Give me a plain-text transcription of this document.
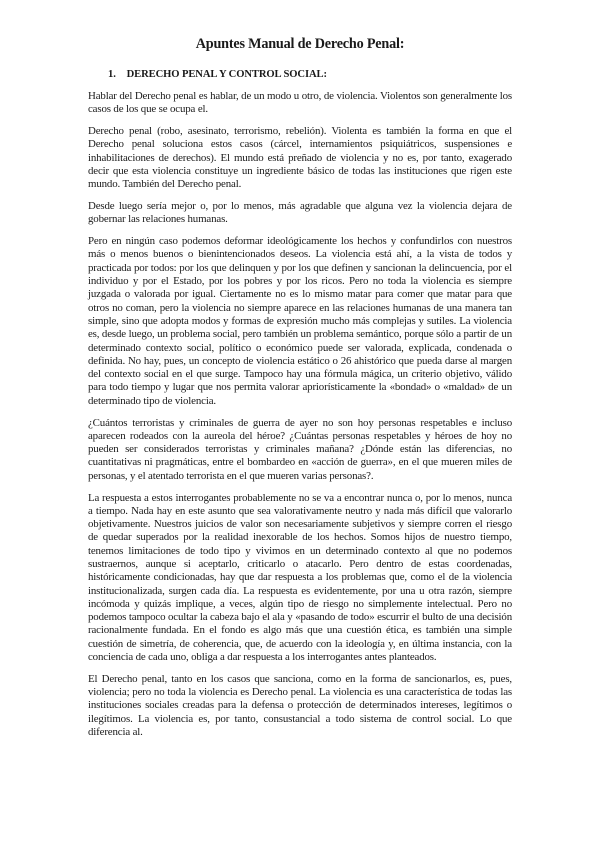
Apuntes Manual de Derecho Penal:
1. DERECHO PENAL Y CONTROL SOCIAL:

Hablar del Derecho penal es hablar, de un modo u otro, de violencia. Violentos son generalmente los casos de los que se ocupa el.

Derecho penal (robo, asesinato, terrorismo, rebelión). Violenta es también la forma en que el Derecho penal soluciona estos casos (cárcel, internamientos psiquiátricos, suspensiones e inhabilitaciones de derechos). El mundo está preñado de violencia y no es, por tanto, exagerado decir que esta violencia constituye un ingrediente básico de todas las instituciones que rigen este mundo. También del Derecho penal.

Desde luego sería mejor o, por lo menos, más agradable que alguna vez la violencia dejara de gobernar las relaciones humanas.

Pero en ningún caso podemos deformar ideológicamente los hechos y confundirlos con nuestros más o menos buenos o bienintencionados deseos. La violencia está ahí, a la vista de todos y practicada por todos: por los que delinquen y por los que definen y sancionan la delincuencia, por el individuo y por el Estado, por los pobres y por los ricos. Pero no toda la violencia es siempre juzgada o valorada por igual. Ciertamente no es lo mismo matar para comer que matar para que otros no coman, pero la violencia no siempre aparece en las relaciones humanas de una manera tan simple, sino que adopta modos y formas de expresión mucho más complejas y sutiles. La violencia es, desde luego, un problema social, pero también un problema semántico, porque sólo a partir de un determinado contexto social, político o económico puede ser valorada, explicada, condenada o definida. No hay, pues, un concepto de violencia estático o 26 ahistórico que pueda darse al margen del contexto social en el que surge. Tampoco hay una fórmula mágica, un criterio objetivo, válido para todo tiempo y lugar que nos permita valorar apriorísticamente la «bondad» o «maldad» de un determinado tipo de violencia.

¿Cuántos terroristas y criminales de guerra de ayer no son hoy personas respetables e incluso aparecen rodeados con la aureola del héroe? ¿Cuántas personas respetables y héroes de hoy no pueden ser considerados terroristas y criminales mañana? ¿Dónde están las diferencias, no cuantitativas ni pragmáticas, entre el bombardeo en «acción de guerra», en el que mueren miles de personas, y el atentado terrorista en el que mueren varias personas?.

La respuesta a estos interrogantes probablemente no se va a encontrar nunca o, por lo menos, nunca a tiempo. Nada hay en este asunto que sea valorativamente neutro y nada más difícil que valorarlo objetivamente. Nuestros juicios de valor son necesariamente subjetivos y siempre corren el riesgo de quedar superados por la realidad inexorable de los hechos. Somos hijos de nuestro tiempo, tenemos limitaciones de todo tipo y vivimos en un determinado contexto al que no podemos sustraernos, aunque si aceptarlo, criticarlo o atacarlo. Pero dentro de estas coordenadas, históricamente condicionadas, hay que dar respuesta a los problemas que, como el de la violencia institucionalizada, surgen cada día. La respuesta es evidentemente, por una u otra razón, siempre incómoda y quizás implique, a veces, algún tipo de riesgo no simplemente intelectual. Pero no podemos tampoco ocultar la cabeza bajo el ala y «pasando de todo» escurrir el bulto de una decisión racionalmente fundada. En el fondo es algo más que una cuestión ética, es también una simple cuestión de simetría, de coherencia, que, de acuerdo con la ideología y, en última instancia, con la conciencia de cada uno, obliga a dar respuesta a los interrogantes antes planteados.

El Derecho penal, tanto en los casos que sanciona, como en la forma de sancionarlos, es, pues, violencia; pero no toda la violencia es Derecho penal. La violencia es una característica de todas las instituciones sociales creadas para la defensa o protección de determinados intereses, legítimos o ilegítimos. La violencia es, por tanto, consustancial a todo sistema de control social. Lo que diferencia al.
